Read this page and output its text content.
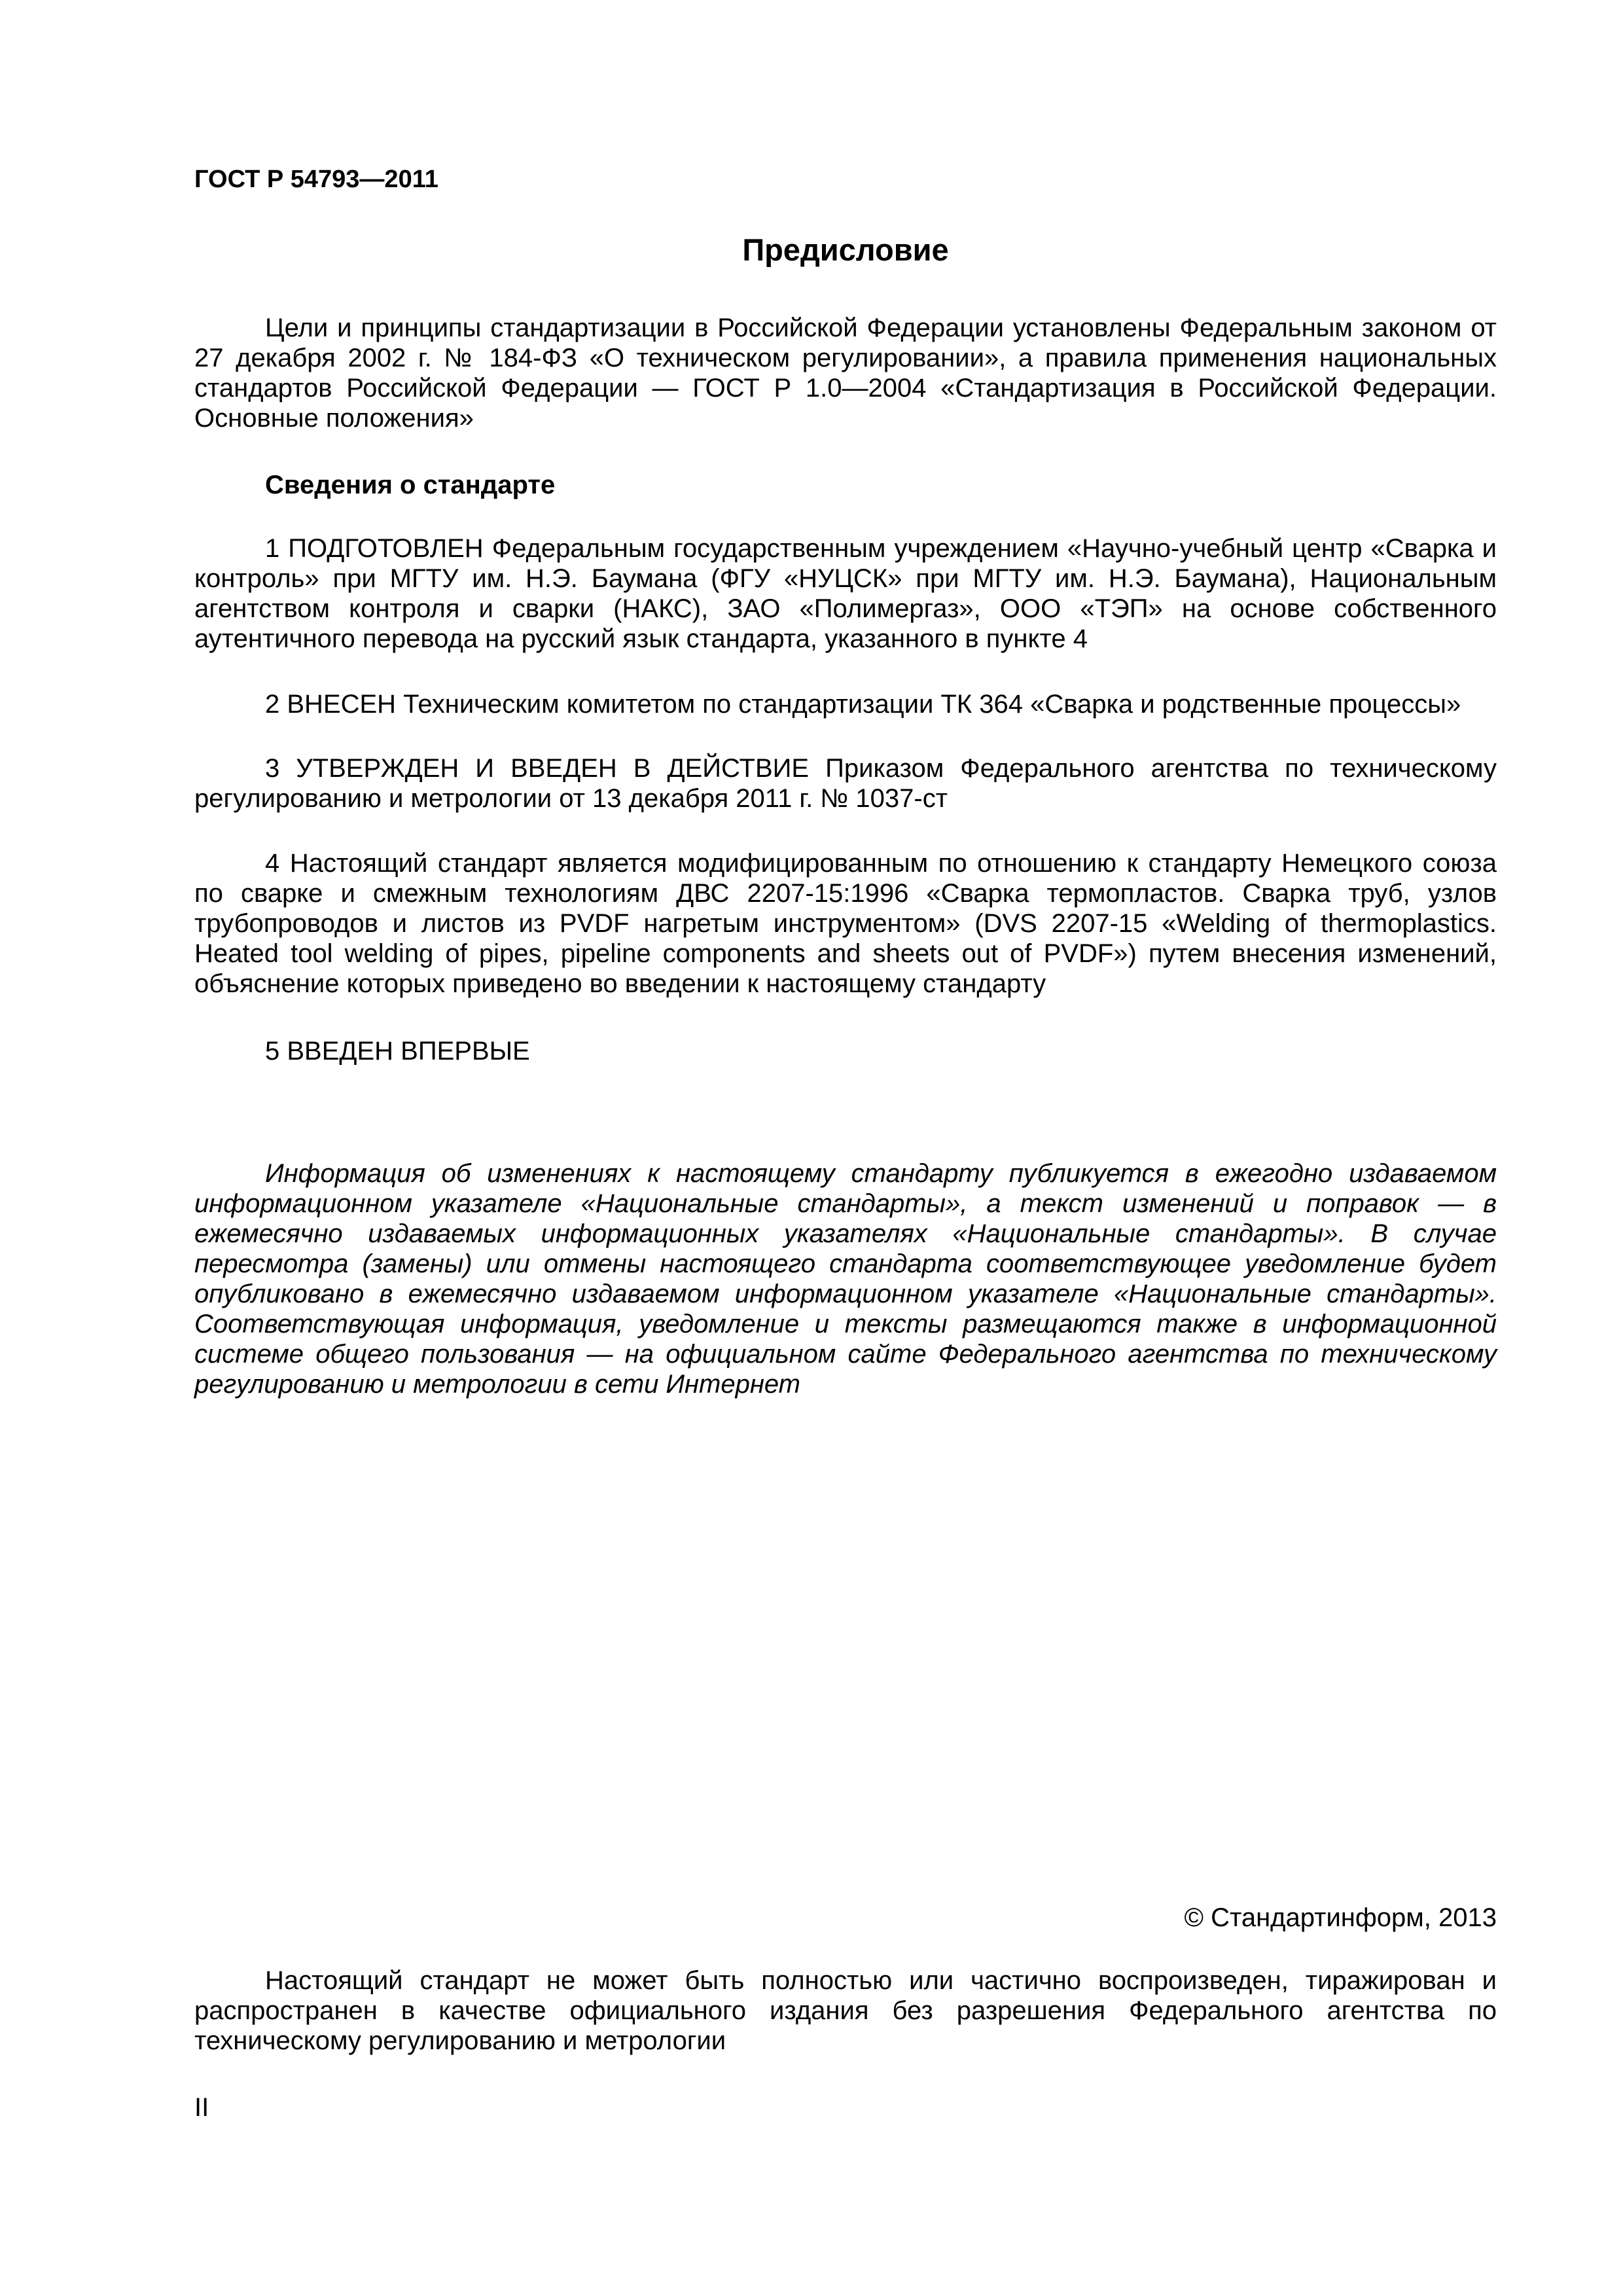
ГОСТ Р 54793—2011
Предисловие

Цели и принципы стандартизации в Российской Федерации установлены Федеральным законом от 27 декабря 2002 г. № 184-ФЗ «О техническом регулировании», а правила применения национальных стандартов Российской Федерации — ГОСТ Р 1.0—2004 «Стандартизация в Российской Федерации. Основные положения»

Сведения о стандарте

1 ПОДГОТОВЛЕН Федеральным государственным учреждением «Научно-учебный центр «Сварка и контроль» при МГТУ им. Н.Э. Баумана (ФГУ «НУЦСК» при МГТУ им. Н.Э. Баумана), Национальным агентством контроля и сварки (НАКС), ЗАО «Полимергаз», ООО «ТЭП» на основе собственного аутентичного перевода на русский язык стандарта, указанного в пункте 4

2 ВНЕСЕН Техническим комитетом по стандартизации ТК 364 «Сварка и родственные процессы»

3 УТВЕРЖДЕН И ВВЕДЕН В ДЕЙСТВИЕ Приказом Федерального агентства по техническому регулированию и метрологии от 13 декабря 2011 г. № 1037-ст

4 Настоящий стандарт является модифицированным по отношению к стандарту Немецкого союза по сварке и смежным технологиям ДВС 2207-15:1996 «Сварка термопластов. Сварка труб, узлов трубопроводов и листов из PVDF нагретым инструментом» (DVS 2207-15 «Welding of thermoplastics. Heated tool welding of pipes, pipeline components and sheets out of PVDF») путем внесения изменений, объяснение которых приведено во введении к настоящему стандарту

5 ВВЕДЕН ВПЕРВЫЕ

Информация об изменениях к настоящему стандарту публикуется в ежегодно издаваемом информационном указателе «Национальные стандарты», а текст изменений и поправок — в ежемесячно издаваемых информационных указателях «Национальные стандарты». В случае пересмотра (замены) или отмены настоящего стандарта соответствующее уведомление будет опубликовано в ежемесячно издаваемом информационном указателе «Национальные стандарты». Соответствующая информация, уведомление и тексты размещаются также в информационной системе общего пользования — на официальном сайте Федерального агентства по техническому регулированию и метрологии в сети Интернет

© Стандартинформ, 2013

Настоящий стандарт не может быть полностью или частично воспроизведен, тиражирован и распространен в качестве официального издания без разрешения Федерального агентства по техническому регулированию и метрологии

II
